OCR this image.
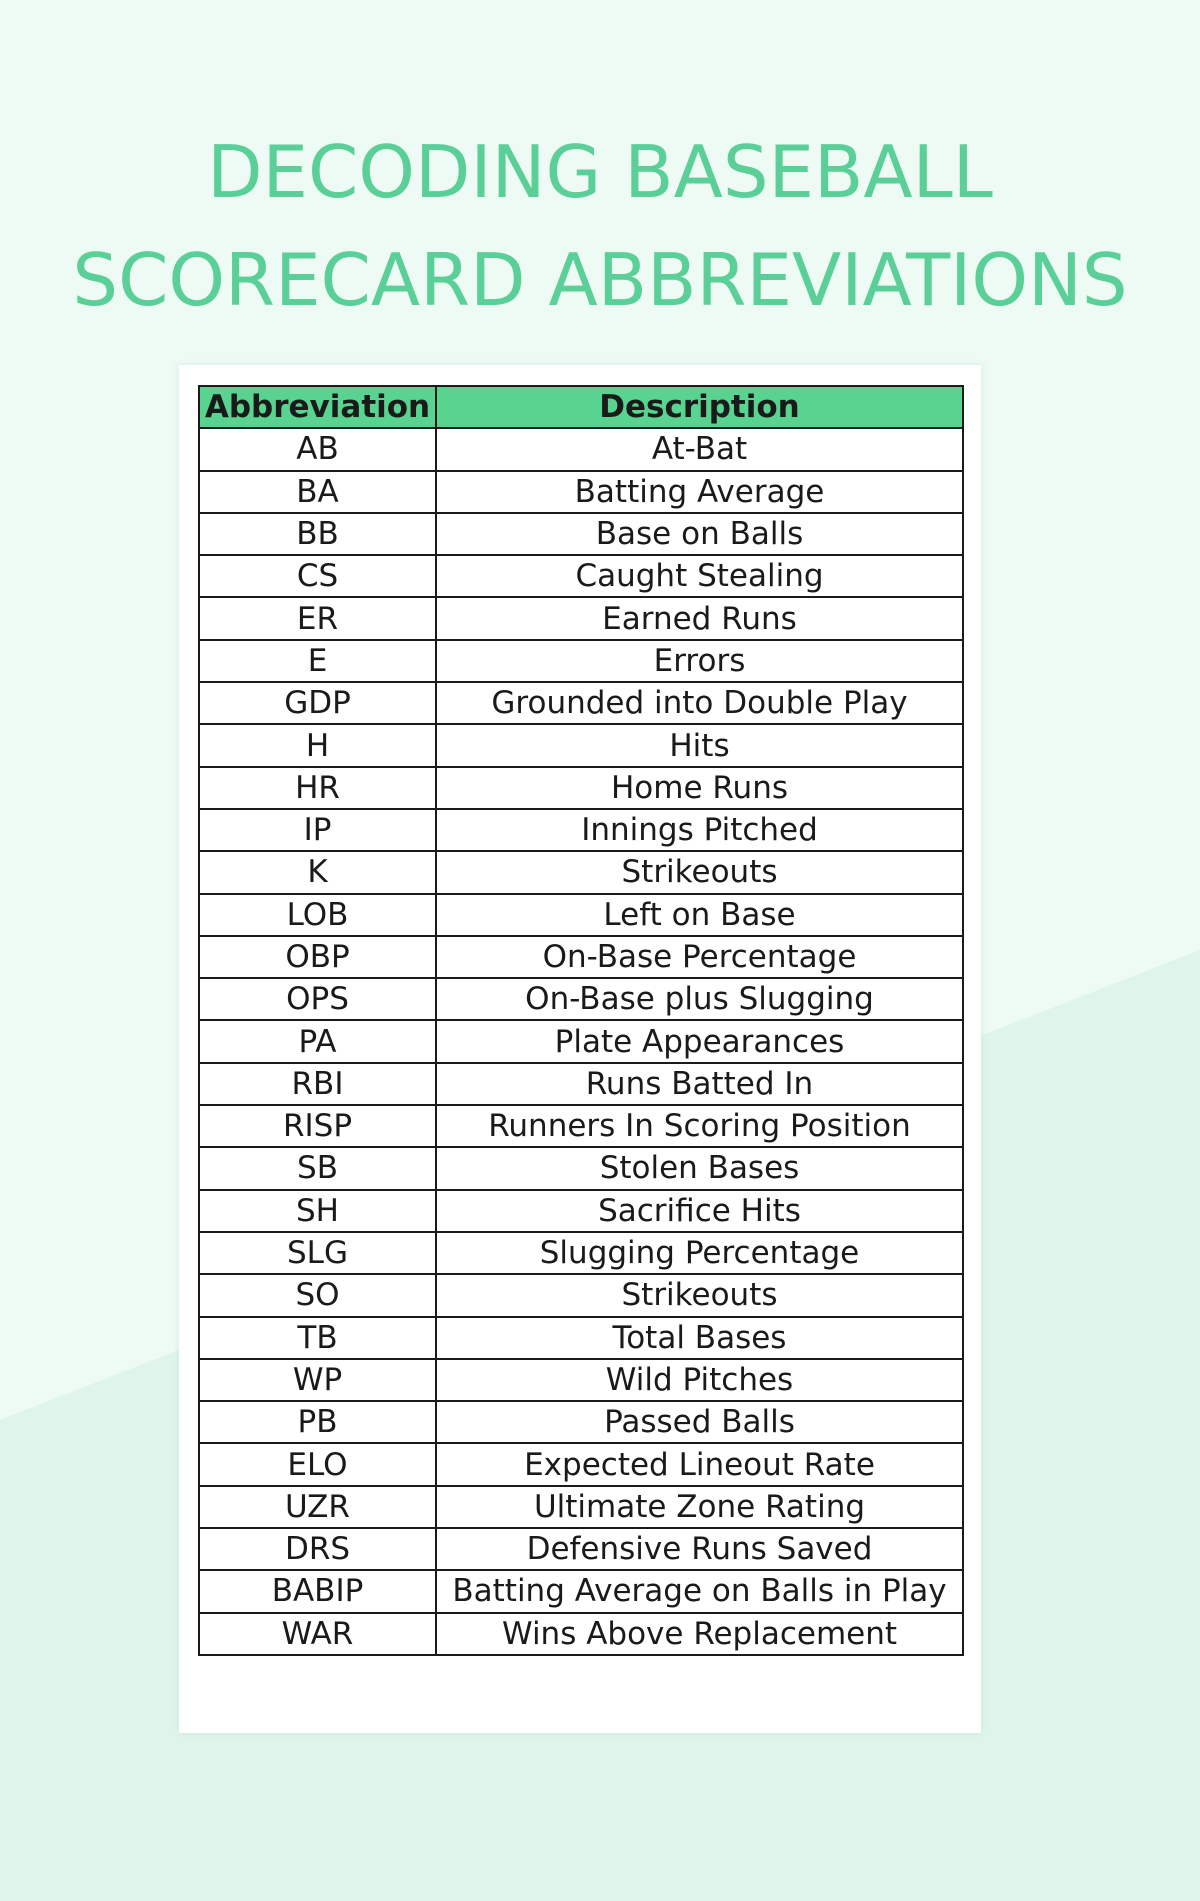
DECODING BASEBALL
SCORECARD ABBREVIATIONS
Abbreviation	Description
AB	At-Bat
BA	Batting Average
BB	Base on Balls
CS	Caught Stealing
ER	Earned Runs
E	Errors
GDP	Grounded into Double Play
H	Hits
HR	Home Runs
IP	Innings Pitched
K	Strikeouts
LOB	Left on Base
OBP	On-Base Percentage
OPS	On-Base plus Slugging
PA	Plate Appearances
RBI	Runs Batted In
RISP	Runners In Scoring Position
SB	Stolen Bases
SH	Sacrifice Hits
SLG	Slugging Percentage
SO	Strikeouts
TB	Total Bases
WP	Wild Pitches
PB	Passed Balls
ELO	Expected Lineout Rate
UZR	Ultimate Zone Rating
DRS	Defensive Runs Saved
BABIP	Batting Average on Balls in Play
WAR	Wins Above Replacement
